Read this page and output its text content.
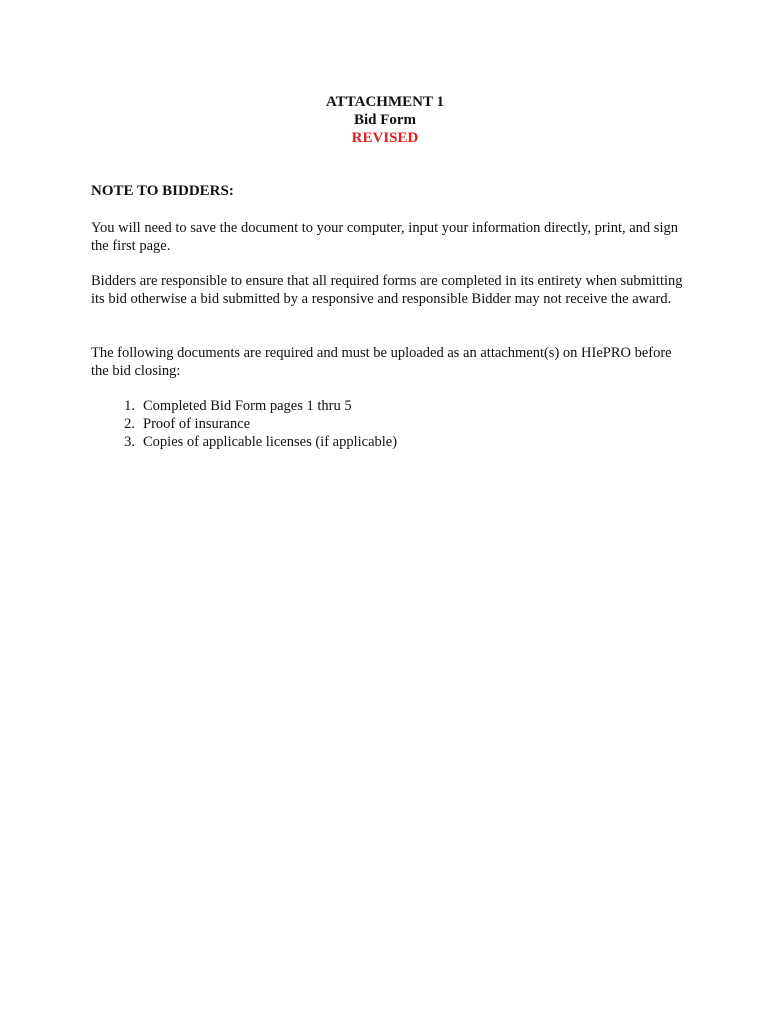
ATTACHMENT 1
Bid Form
REVISED
NOTE TO BIDDERS:
You will need to save the document to your computer, input your information directly, print, and sign the first page.
Bidders are responsible to ensure that all required forms are completed in its entirety when submitting its bid otherwise a bid submitted by a responsive and responsible Bidder may not receive the award.
The following documents are required and must be uploaded as an attachment(s) on HIePRO before the bid closing:
1. Completed Bid Form pages 1 thru 5
2. Proof of insurance
3. Copies of applicable licenses (if applicable)
